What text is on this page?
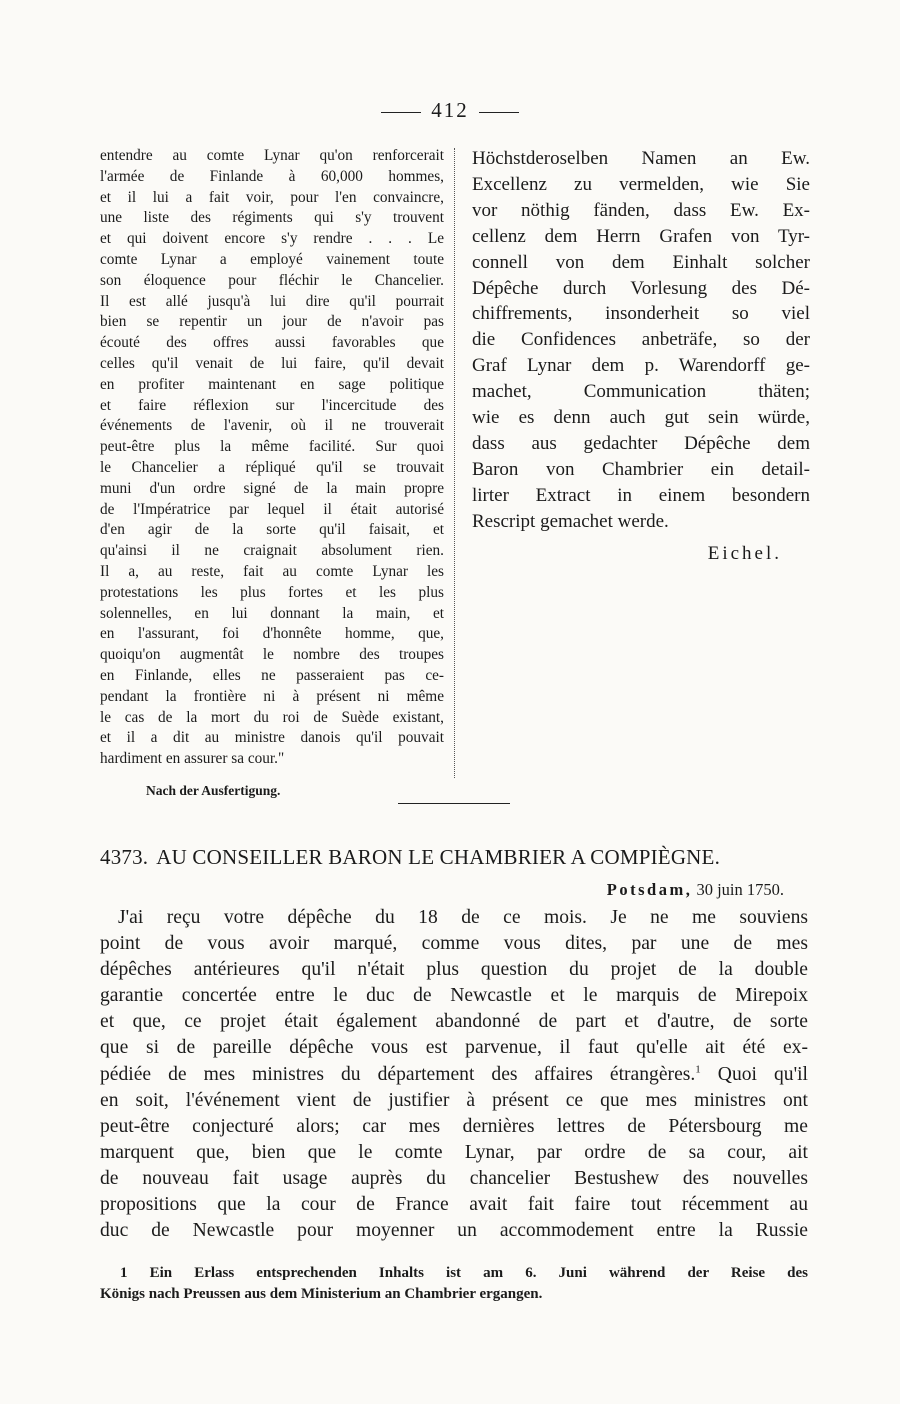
412
entendre au comte Lynar qu'on renforcerait
l'armée de Finlande à 60,000 hommes,
et il lui a fait voir, pour l'en convaincre,
une liste des régiments qui s'y trouvent
et qui doivent encore s'y rendre . . . Le
comte Lynar a employé vainement toute
son éloquence pour fléchir le Chancelier.
Il est allé jusqu'à lui dire qu'il pourrait
bien se repentir un jour de n'avoir pas
écouté des offres aussi favorables que
celles qu'il venait de lui faire, qu'il devait
en profiter maintenant en sage politique
et faire réflexion sur l'incercitude des
événements de l'avenir, où il ne trouverait
peut-être plus la même facilité. Sur quoi
le Chancelier a répliqué qu'il se trouvait
muni d'un ordre signé de la main propre
de l'Impératrice par lequel il était autorisé
d'en agir de la sorte qu'il faisait, et
qu'ainsi il ne craignait absolument rien.
Il a, au reste, fait au comte Lynar les
protestations les plus fortes et les plus
solennelles, en lui donnant la main, et
en l'assurant, foi d'honnête homme, que,
quoiqu'on augmentât le nombre des troupes
en Finlande, elles ne passeraient pas ce-
pendant la frontière ni à présent ni même
le cas de la mort du roi de Suède existant,
et il a dit au ministre danois qu'il pouvait
hardiment en assurer sa cour."
Höchstderoselben Namen an Ew.
Excellenz zu vermelden, wie Sie
vor nöthig fänden, dass Ew. Ex-
cellenz dem Herrn Grafen von Tyr-
connell von dem Einhalt solcher
Dépêche durch Vorlesung des Dé-
chiffrements, insonderheit so viel
die Confidences anbeträfe, so der
Graf Lynar dem p. Warendorff ge-
machet, Communication thäten;
wie es denn auch gut sein würde,
dass aus gedachter Dépêche dem
Baron von Chambrier ein detail-
lirter Extract in einem besondern
Rescript gemachet werde.
Eichel.
Nach der Ausfertigung.
4373. AU CONSEILLER BARON LE CHAMBRIER A COMPIÈGNE.
Potsdam, 30 juin 1750.
J'ai reçu votre dépêche du 18 de ce mois. Je ne me souviens
point de vous avoir marqué, comme vous dites, par une de mes
dépêches antérieures qu'il n'était plus question du projet de la double
garantie concertée entre le duc de Newcastle et le marquis de Mirepoix
et que, ce projet était également abandonné de part et d'autre, de sorte
que si de pareille dépêche vous est parvenue, il faut qu'elle ait été ex-
pédiée de mes ministres du département des affaires étrangères.$^1$ Quoi qu'il
en soit, l'événement vient de justifier à présent ce que mes ministres ont
peut-être conjecturé alors; car mes dernières lettres de Pétersbourg me
marquent que, bien que le comte Lynar, par ordre de sa cour, ait
de nouveau fait usage auprès du chancelier Bestushew des nouvelles
propositions que la cour de France avait fait faire tout récemment au
duc de Newcastle pour moyenner un accommodement entre la Russie
1 Ein Erlass entsprechenden Inhalts ist am 6. Juni während der Reise des
Königs nach Preussen aus dem Ministerium an Chambrier ergangen.
